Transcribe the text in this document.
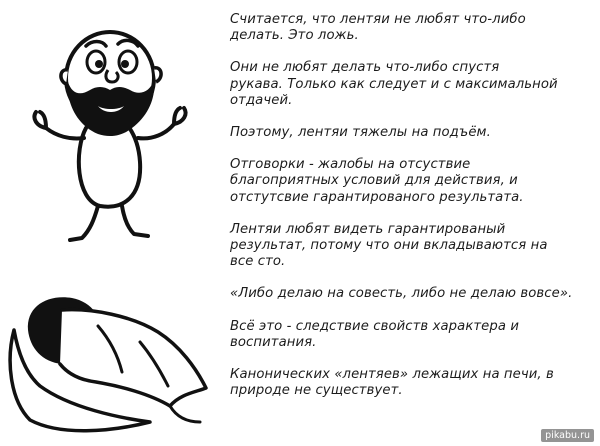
Считается, что лентяи не любят что-либо
делать. Это ложь.

Они не любят делать что-либо спустя
рукава. Только как следует и с максимальной
отдачей.

Поэтому, лентяи тяжелы на подъём.

Отговорки - жалобы на отсуствие
благоприятных условий для действия, и
отстутсвие гарантированого результата.

Лентяи любят видеть гарантированый
результат, потому что они вкладываются на
все сто.

«Либо делаю на совесть, либо не делаю вовсе».

Всё это - следствие свойств характера и
воспитания.

Канонических «лентяев» лежащих на печи, в
природе не существует.

pikabu.ru
